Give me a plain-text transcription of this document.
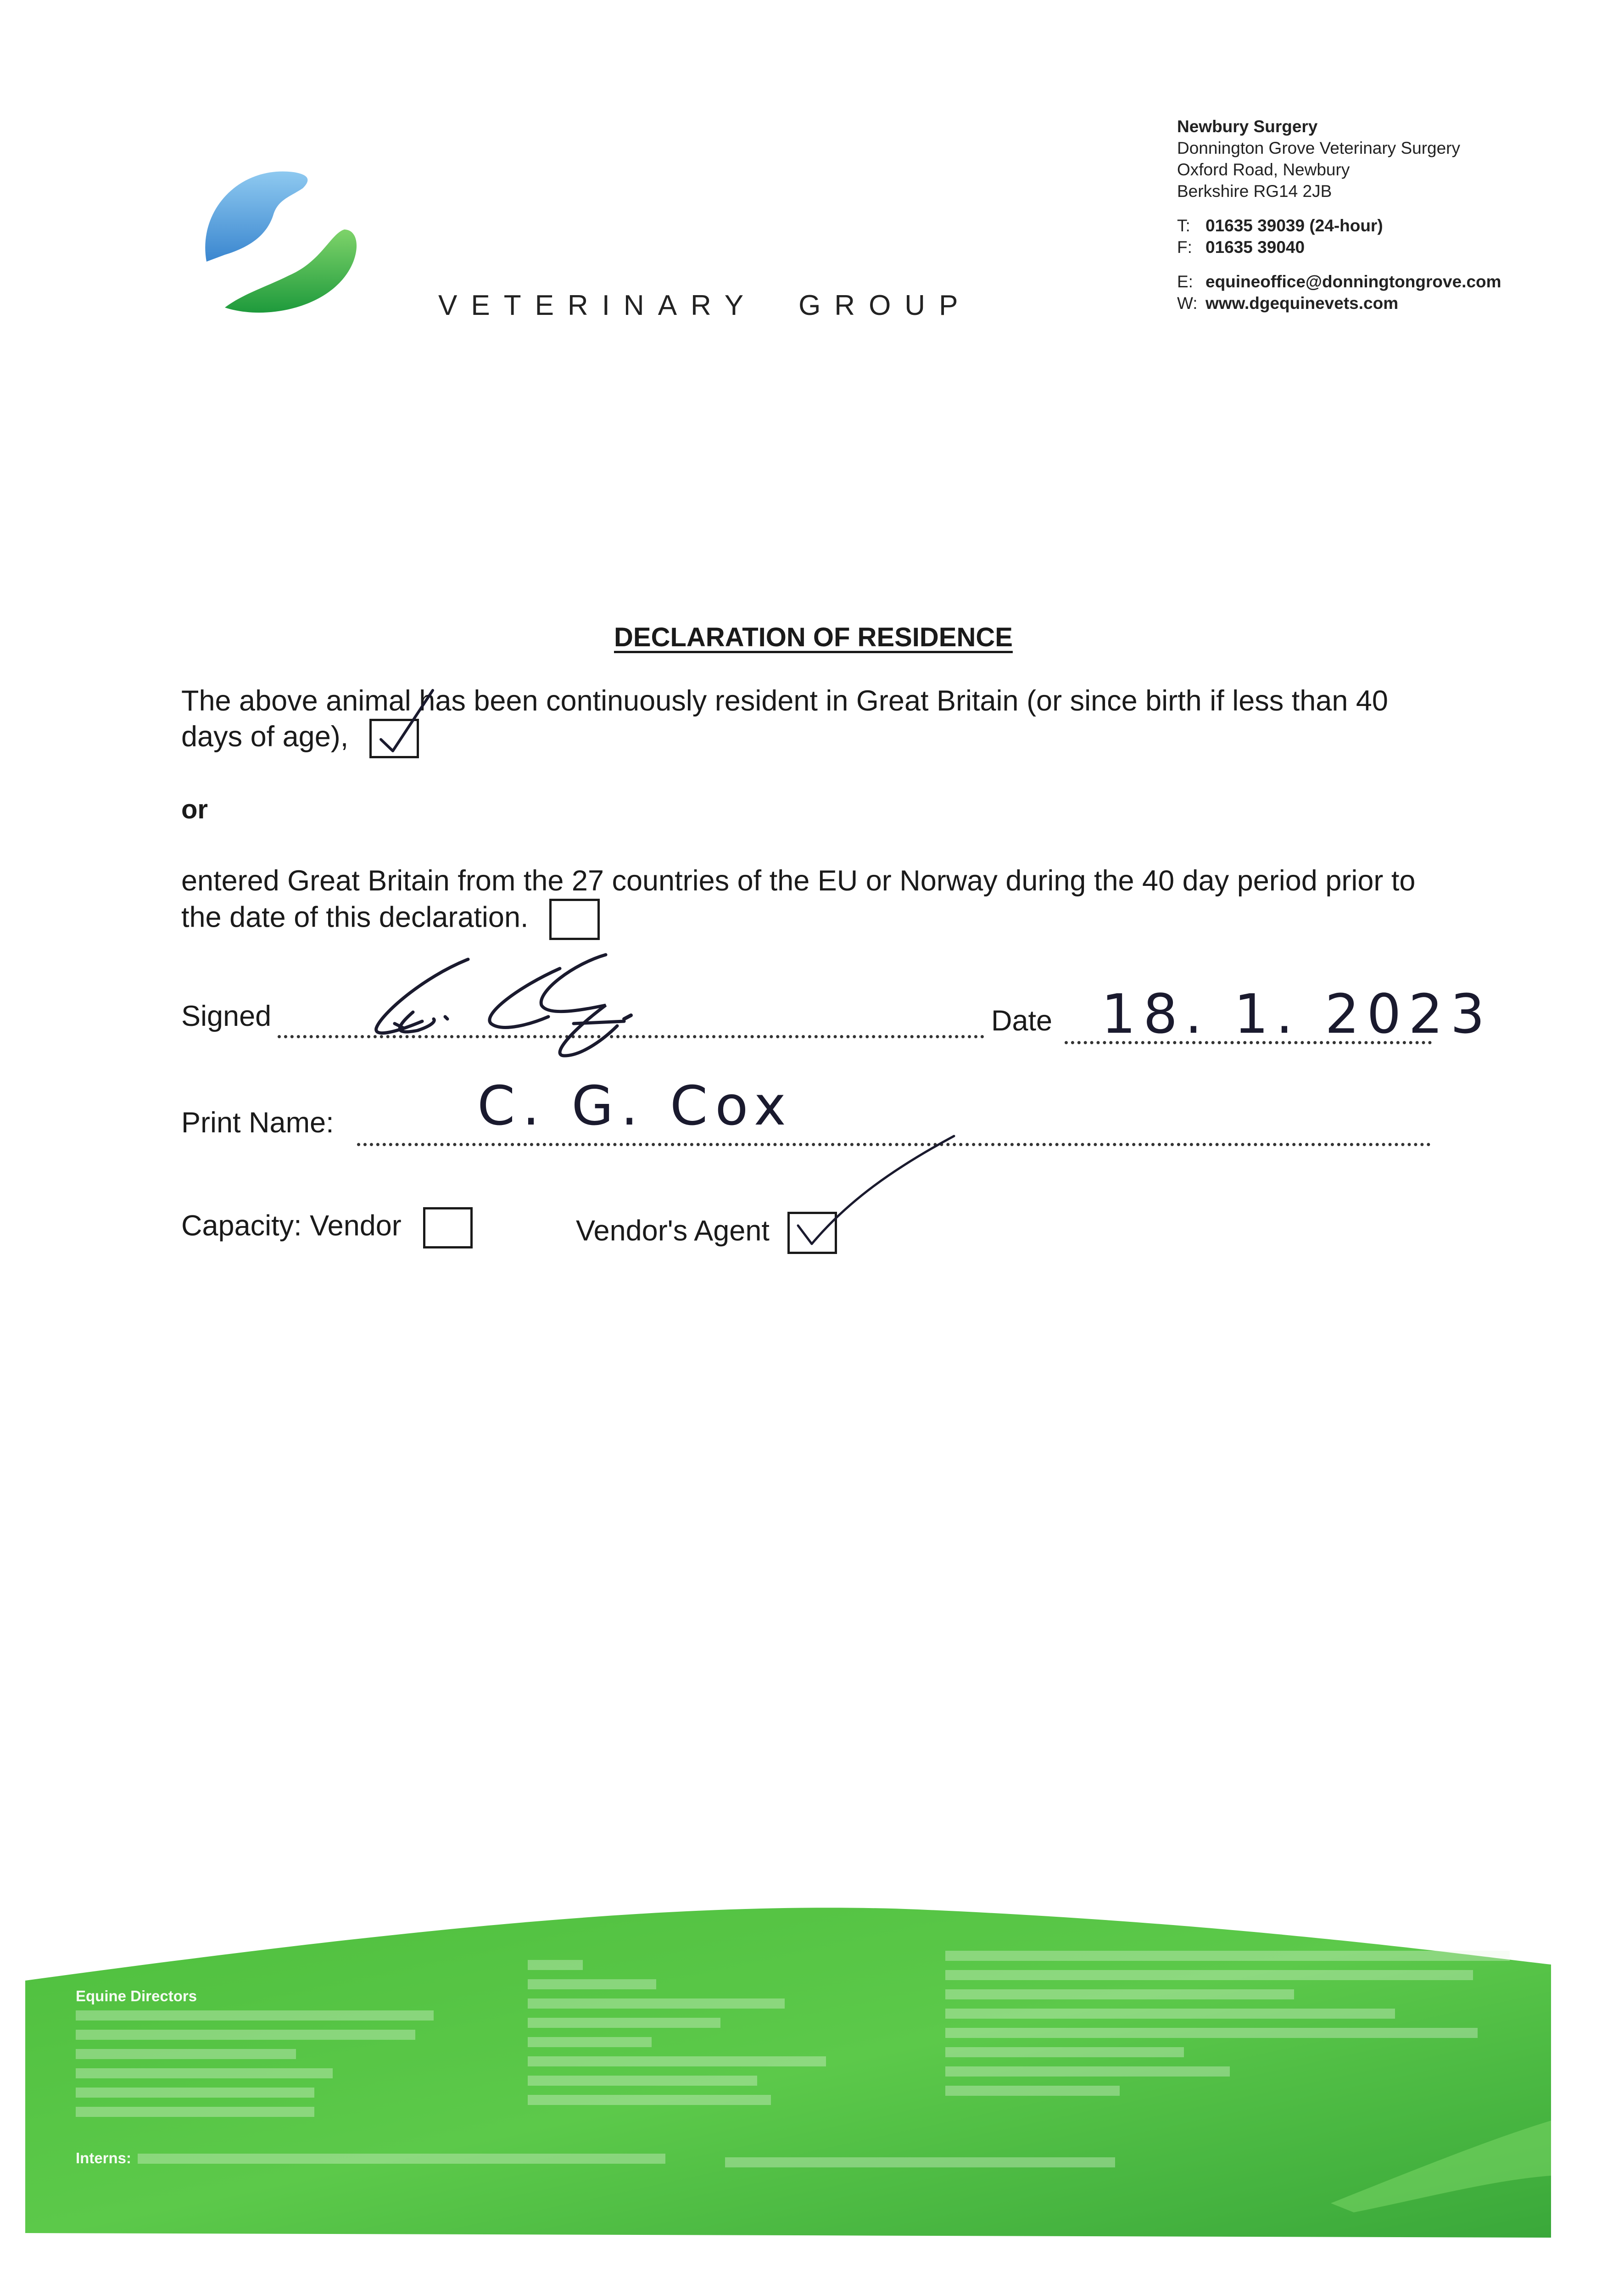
VETERINARY GROUP
Newbury Surgery
Donnington Grove Veterinary Surgery
Oxford Road, Newbury
Berkshire RG14 2JB
T: 01635 39039 (24-hour)
F: 01635 39040
E: equineoffice@donningtongrove.com
W: www.dgequinevets.com
DECLARATION OF RESIDENCE
The above animal has been continuously resident in Great Britain (or since birth if less than 40 days of age),
or
entered Great Britain from the 27 countries of the EU or Norway during the 40 day period prior to the date of this declaration.
Signed	Date 18. 1. 2023
Print Name:	C. G. Cox
Capacity: Vendor	Vendor's Agent
Equine Directors
Interns:
